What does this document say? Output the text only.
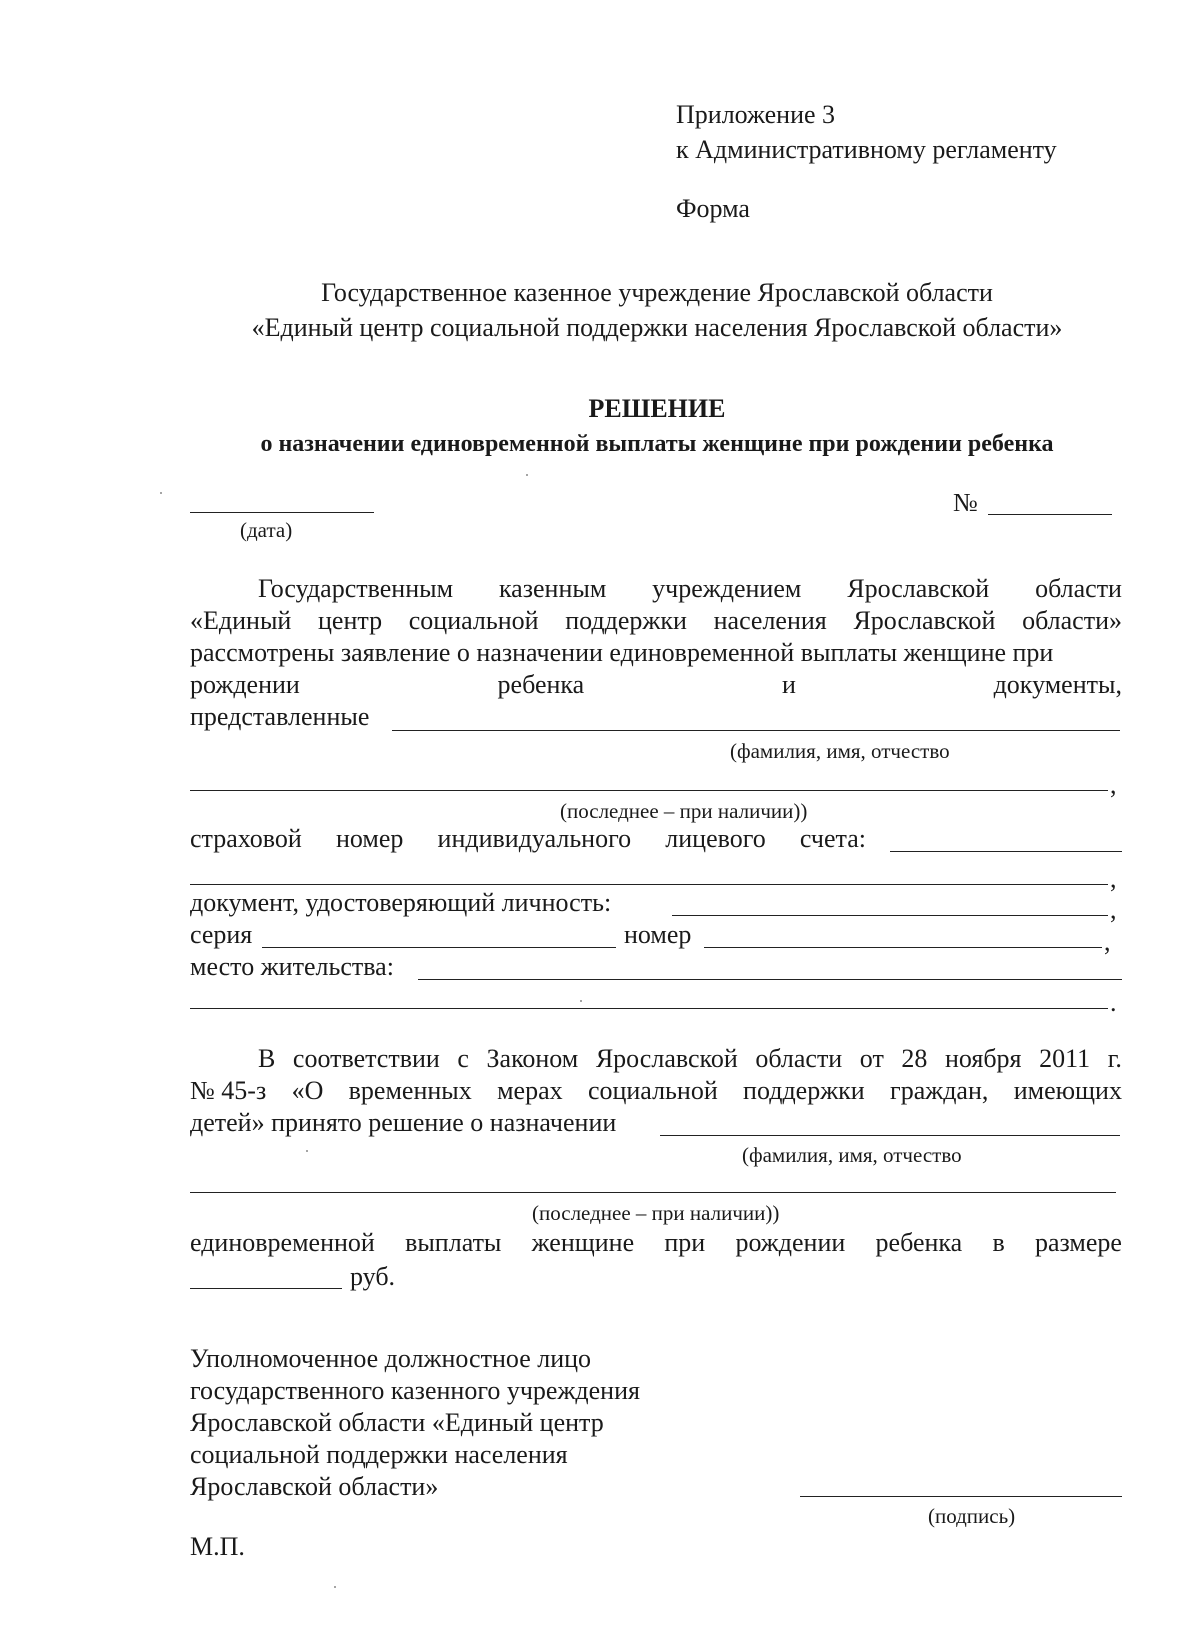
Приложение 3
к Административному регламенту
Форма
Государственное казенное учреждение Ярославской области
«Единый центр социальной поддержки населения Ярославской области»
РЕШЕНИЕ
о назначении единовременной выплаты женщине при рождении ребенка
(дата)
№
Государственным казенным учреждением Ярославской области
«Единый центр социальной поддержки населения Ярославской области»
рассмотрены заявление о назначении единовременной выплаты женщине при
рождении	ребенка	и	документы,
представленные
(фамилия, имя, отчество
,
(последнее – при наличии))
страховой номер индивидуального лицевого счета:
,
документ, удостоверяющий личность:	,
серия	номер	,
место жительства:
.
В соответствии с Законом Ярославской области от 28 ноября 2011 г.
№ 45-з «О временных мерах социальной поддержки граждан, имеющих
детей» принято решение о назначении
(фамилия, имя, отчество
(последнее – при наличии))
единовременной выплаты женщине при рождении ребенка в размере
руб.
Уполномоченное должностное лицо
государственного казенного учреждения
Ярославской области «Единый центр
социальной поддержки населения
Ярославской области»
(подпись)
М.П.
